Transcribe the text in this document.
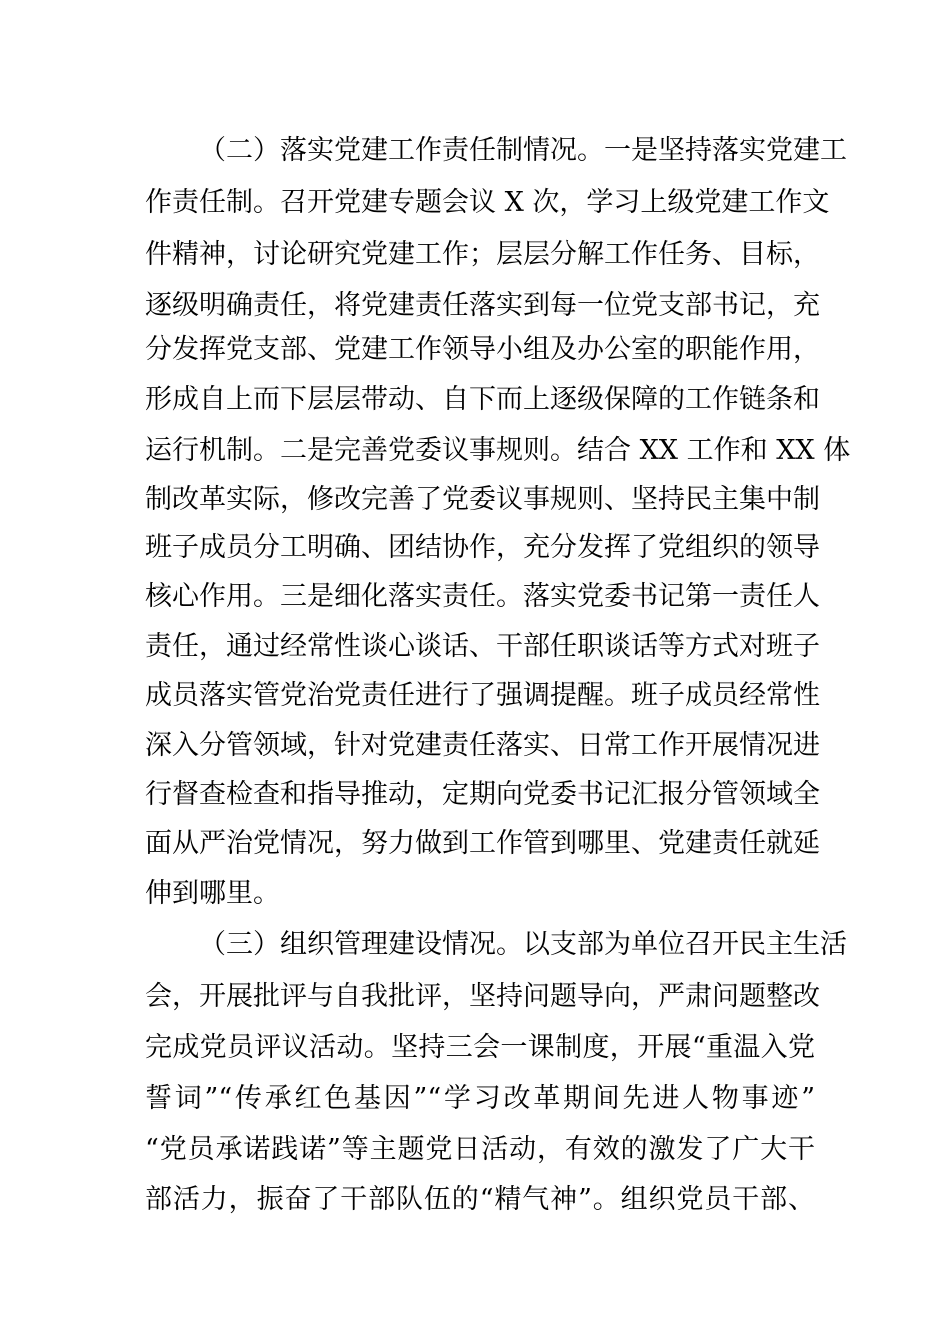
（二）落实党建工作责任制情况。一是坚持落实党建工
作责任制。召开党建专题会议 X 次，学习上级党建工作文
件精神，讨论研究党建工作；层层分解工作任务、目标，
逐级明确责任，将党建责任落实到每一位党支部书记，充
分发挥党支部、党建工作领导小组及办公室的职能作用，
形成自上而下层层带动、自下而上逐级保障的工作链条和
运行机制。二是完善党委议事规则。结合 XX 工作和 XX 体
制改革实际，修改完善了党委议事规则、坚持民主集中制
班子成员分工明确、团结协作，充分发挥了党组织的领导
核心作用。三是细化落实责任。落实党委书记第一责任人
责任，通过经常性谈心谈话、干部任职谈话等方式对班子
成员落实管党治党责任进行了强调提醒。班子成员经常性
深入分管领域，针对党建责任落实、日常工作开展情况进
行督查检查和指导推动，定期向党委书记汇报分管领域全
面从严治党情况，努力做到工作管到哪里、党建责任就延
伸到哪里。
（三）组织管理建设情况。以支部为单位召开民主生活
会，开展批评与自我批评，坚持问题导向，严肃问题整改
完成党员评议活动。坚持三会一课制度，开展“重温入党
誓词”“传承红色基因”“学习改革期间先进人物事迹”
“党员承诺践诺”等主题党日活动，有效的激发了广大干
部活力，振奋了干部队伍的“精气神”。组织党员干部、
